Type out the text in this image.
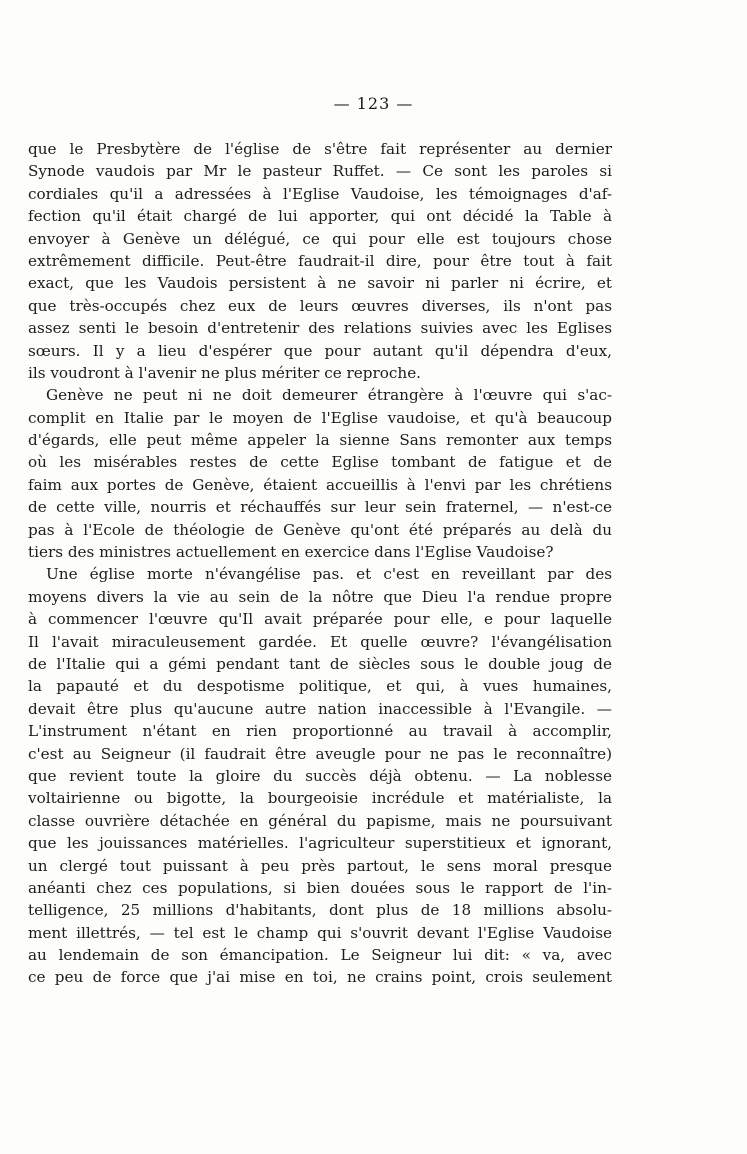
— 123 —
que le Presbytère de l'église de s'être fait représenter au dernier
Synode vaudois par Mr le pasteur Ruffet. — Ce sont les paroles si
cordiales qu'il a adressées à l'Eglise Vaudoise, les témoignages d'af-
fection qu'il était chargé de lui apporter, qui ont décidé la Table à
envoyer à Genève un délégué, ce qui pour elle est toujours chose
extrêmement difficile. Peut-être faudrait-il dire, pour être tout à fait
exact, que les Vaudois persistent à ne savoir ni parler ni écrire, et
que très-occupés chez eux de leurs œuvres diverses, ils n'ont pas
assez senti le besoin d'entretenir des relations suivies avec les Eglises
sœurs. Il y a lieu d'espérer que pour autant qu'il dépendra d'eux,
ils voudront à l'avenir ne plus mériter ce reproche.
Genève ne peut ni ne doit demeurer étrangère à l'œuvre qui s'ac-
complit en Italie par le moyen de l'Eglise vaudoise, et qu'à beaucoup
d'égards, elle peut même appeler la sienne Sans remonter aux temps
où les misérables restes de cette Eglise tombant de fatigue et de
faim aux portes de Genève, étaient accueillis à l'envi par les chrétiens
de cette ville, nourris et réchauffés sur leur sein fraternel, — n'est-ce
pas à l'Ecole de théologie de Genève qu'ont été préparés au delà du
tiers des ministres actuellement en exercice dans l'Eglise Vaudoise?
Une église morte n'évangélise pas. et c'est en reveillant par des
moyens divers la vie au sein de la nôtre que Dieu l'a rendue propre
à commencer l'œuvre qu'Il avait préparée pour elle, e pour laquelle
Il l'avait miraculeusement gardée. Et quelle œuvre? l'évangélisation
de l'Italie qui a gémi pendant tant de siècles sous le double joug de
la papauté et du despotisme politique, et qui, à vues humaines,
devait être plus qu'aucune autre nation inaccessible à l'Evangile. —
L'instrument n'étant en rien proportionné au travail à accomplir,
c'est au Seigneur (il faudrait être aveugle pour ne pas le reconnaître)
que revient toute la gloire du succès déjà obtenu. — La noblesse
voltairienne ou bigotte, la bourgeoisie incrédule et matérialiste, la
classe ouvrière détachée en général du papisme, mais ne poursuivant
que les jouissances matérielles. l'agriculteur superstitieux et ignorant,
un clergé tout puissant à peu près partout, le sens moral presque
anéanti chez ces populations, si bien douées sous le rapport de l'in-
telligence, 25 millions d'habitants, dont plus de 18 millions absolu-
ment illettrés, — tel est le champ qui s'ouvrit devant l'Eglise Vaudoise
au lendemain de son émancipation. Le Seigneur lui dit: « va, avec
ce peu de force que j'ai mise en toi, ne crains point, crois seulement
